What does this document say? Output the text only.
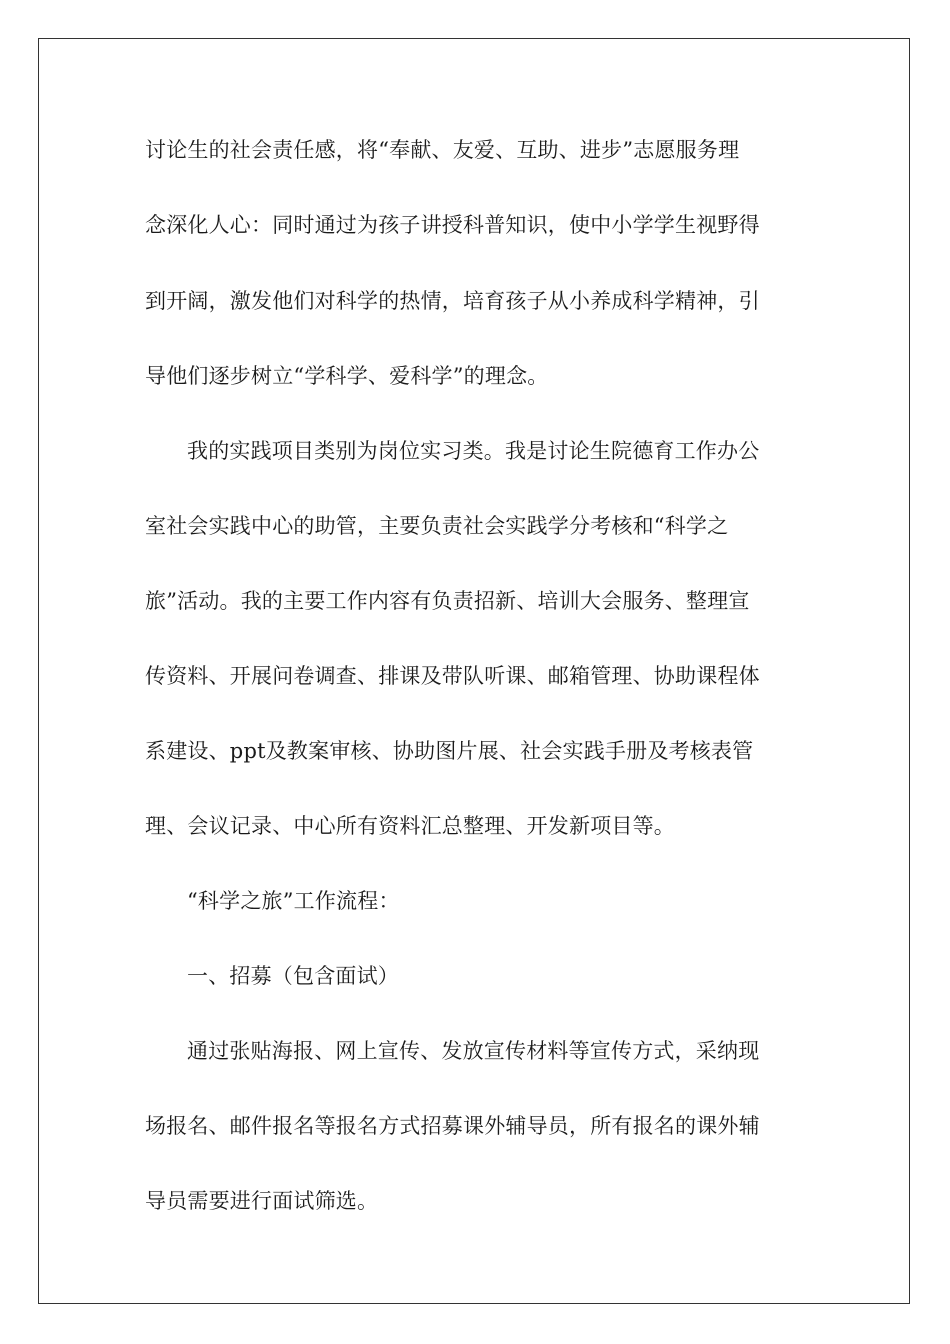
讨论生的社会责任感，将“奉献、友爱、互助、进步”志愿服务理
念深化人心：同时通过为孩子讲授科普知识，使中小学学生视野得
到开阔，激发他们对科学的热情，培育孩子从小养成科学精神，引
导他们逐步树立“学科学、爱科学”的理念。
我的实践项目类别为岗位实习类。我是讨论生院德育工作办公
室社会实践中心的助管，主要负责社会实践学分考核和“科学之
旅”活动。我的主要工作内容有负责招新、培训大会服务、整理宣
传资料、开展问卷调查、排课及带队听课、邮箱管理、协助课程体
系建设、ppt及教案审核、协助图片展、社会实践手册及考核表管
理、会议记录、中心所有资料汇总整理、开发新项目等。
“科学之旅”工作流程：
一、招募（包含面试）
通过张贴海报、网上宣传、发放宣传材料等宣传方式，采纳现
场报名、邮件报名等报名方式招募课外辅导员，所有报名的课外辅
导员需要进行面试筛选。
